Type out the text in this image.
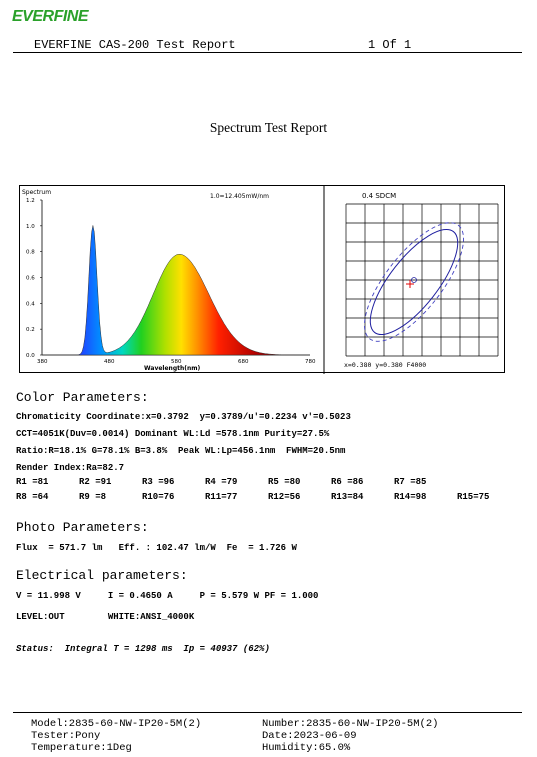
EVERFINE
EVERFINE CAS-200 Test Report	1 Of 1
Spectrum Test Report
1.2
1.0
0.8
0.6
0.4
0.2
0.0
380	480	580	680	780
Spectrum
1.0=12.405mW/nm
Wavelength(nm)
0.4 SDCM
x=0.380 y=0.380 F4000
Color Parameters:
Chromaticity Coordinate:x=0.3792  y=0.3789/u'=0.2234 v'=0.5023
CCT=4051K(Duv=0.0014) Dominant WL:Ld =578.1nm Purity=27.5%
Ratio:R=18.1% G=78.1% B=3.8%  Peak WL:Lp=456.1nm  FWHM=20.5nm
Render Index:Ra=82.7
R1 =81	R2 =91	R3 =96	R4 =79	R5 =80	R6 =86	R7 =85
R8 =64	R9 =8	R10=76	R11=77	R12=56	R13=84	R14=98	R15=75
Photo Parameters:
Flux  = 571.7 lm   Eff. : 102.47 lm/W  Fe  = 1.726 W
Electrical parameters:
V = 11.998 V     I = 0.4650 A     P = 5.579 W PF = 1.000
LEVEL:OUT        WHITE:ANSI_4000K
Status:  Integral T = 1298 ms  Ip = 40937 (62%)
Model:2835-60-NW-IP20-5M(2)	Number:2835-60-NW-IP20-5M(2)
Tester:Pony	Date:2023-06-09
Temperature:1Deg	Humidity:65.0%
